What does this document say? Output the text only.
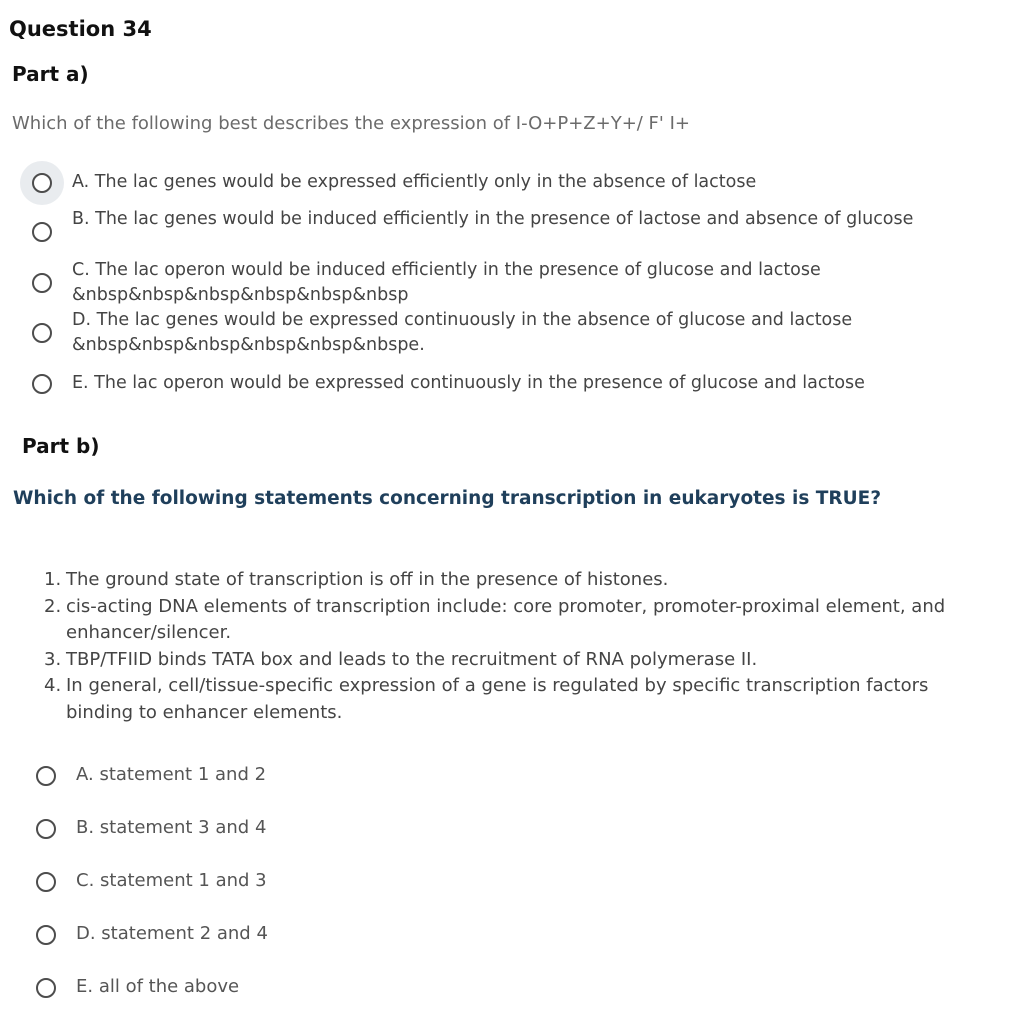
Question 34
Part a)
Which of the following best describes the expression of I-O+P+Z+Y+/ F' I+
A. The lac genes would be expressed efficiently only in the absence of lactose
B. The lac genes would be induced efficiently in the presence of lactose and absence of glucose
C. The lac operon would be induced efficiently in the presence of glucose and lactose &nbsp&nbsp&nbsp&nbsp&nbsp&nbsp
D. The lac genes would be expressed continuously in the absence of glucose and lactose &nbsp&nbsp&nbsp&nbsp&nbsp&nbspe.
E. The lac operon would be expressed continuously in the presence of glucose and lactose
Part b)
Which of the following statements concerning transcription in eukaryotes is TRUE?
1. The ground state of transcription is off in the presence of histones.
2. cis-acting DNA elements of transcription include: core promoter, promoter-proximal element, and enhancer/silencer.
3. TBP/TFIID binds TATA box and leads to the recruitment of RNA polymerase II.
4. In general, cell/tissue-specific expression of a gene is regulated by specific transcription factors binding to enhancer elements.
A. statement 1 and 2
B. statement 3 and 4
C. statement 1 and 3
D. statement 2 and 4
E. all of the above
